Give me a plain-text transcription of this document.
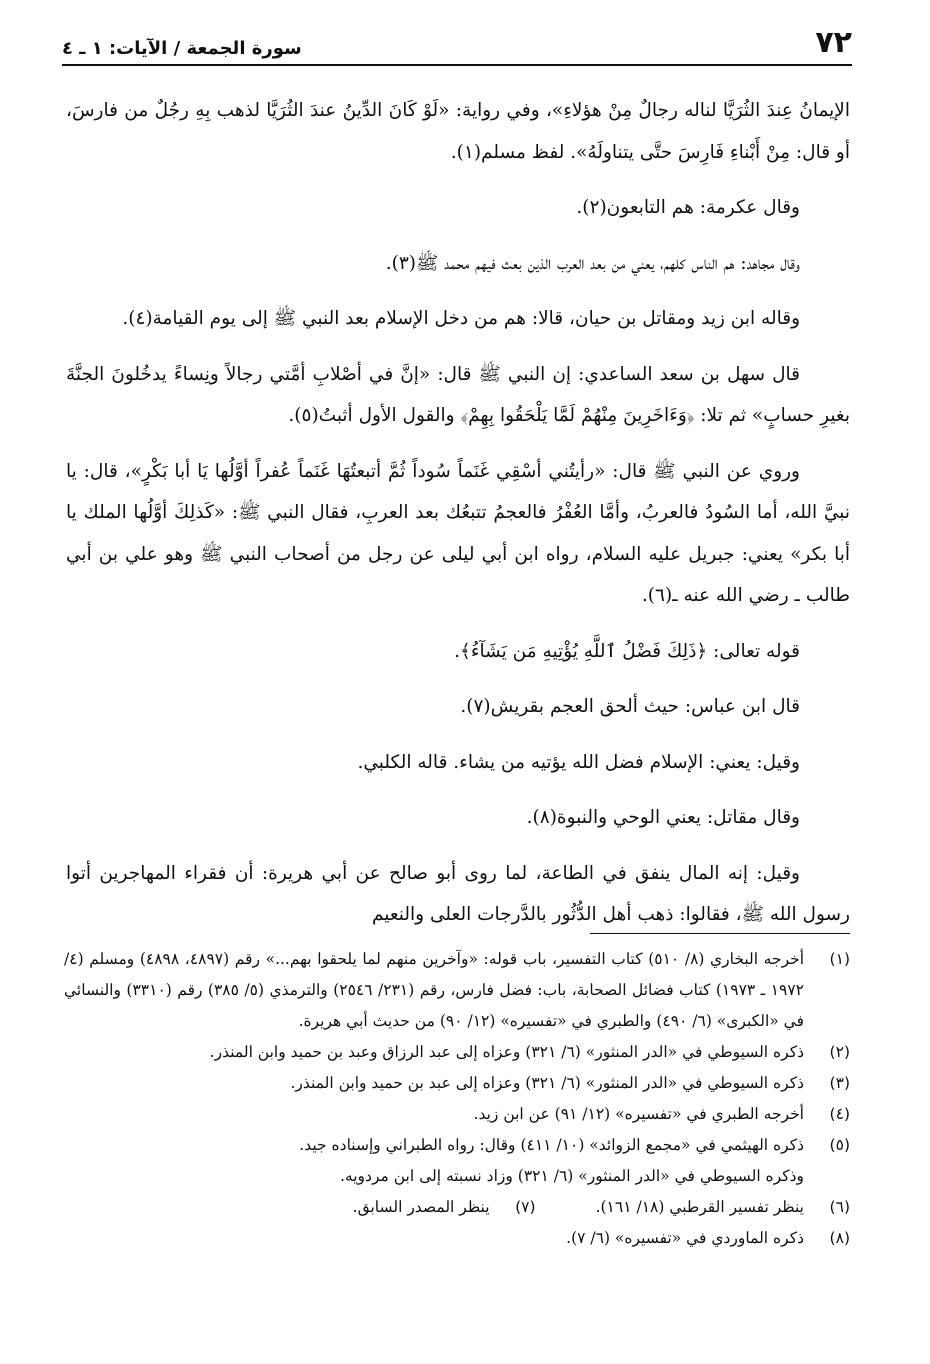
٧٢
سورة الجمعة / الآيات: ١ ـ ٤

الإيمانُ عِندَ الثُرَيَّا لناله رجالٌ مِنْ هؤلاءِ»، وفي رواية: «لَوْ كَانَ الدِّينُ عندَ الثُرَيَّا لذهب بِهِ رجُلٌ من فارسَ، أو قال: مِنْ أَبْناءِ فَارِسَ حتَّى يتناولَهُ». لفظ مسلم(١).

وقال عكرمة: هم التابعون(٢).

وقال مجاهد: هم الناس كلهم، يعني من بعد العرب الذين بعث فيهم محمد ﷺ(٣).

وقاله ابن زيد ومقاتل بن حيان، قالا: هم من دخل الإسلام بعد النبي ﷺ إلى يوم القيامة(٤).

قال سهل بن سعد الساعدي: إن النبي ﷺ قال: «إنَّ في أصْلابِ أمَّتي رجالاً ونِساءً يدخُلونَ الجنَّةَ بغيرِ حسابٍ» ثم تلا: ﴿وَءَاخَرِينَ مِنْهُمْ لَمَّا يَلْحَقُوا بِهِمْ﴾ والقول الأول أثبتُ(٥).

وروي عن النبي ﷺ قال: «رأيتُني أسْقِي غَنَماً سُوداً ثُمَّ أتبعتُهَا غَنَماً عُفراً أوَّلُها يَا أبا بَكْرٍ»، قال: يا نبيَّ الله، أما السُودُ فالعربُ، وأمَّا العُفْرُ فالعجمُ تتبعُك بعد العربِ، فقال النبي ﷺ: «كَذلِكَ أوَّلُها الملك يا أبا بكر» يعني: جبريل عليه السلام، رواه ابن أبي ليلى عن رجل من أصحاب النبي ﷺ وهو علي بن أبي طالب ـ رضي الله عنه ـ(٦).

قوله تعالى: ﴿ذَلِكَ فَضْلُ ٱللَّهِ يُؤْتِيهِ مَن يَشَآءُ﴾.

قال ابن عباس: حيث ألحق العجم بقريش(٧).

وقيل: يعني: الإسلام فضل الله يؤتيه من يشاء. قاله الكلبي.

وقال مقاتل: يعني الوحي والنبوة(٨).

وقيل: إنه المال ينفق في الطاعة، لما روى أبو صالح عن أبي هريرة: أن فقراء المهاجرين أتوا رسول الله ﷺ، فقالوا: ذهب أهل الدُّثُور بالدَّرجات العلى والنعيم

(١)
أخرجه البخاري (٨/ ٥١٠) كتاب التفسير، باب قوله: «وآخرين منهم لما يلحقوا بهم...» رقم (٤٨٩٧، ٤٨٩٨) ومسلم (٤/ ١٩٧٢ ـ ١٩٧٣) كتاب فضائل الصحابة، باب: فضل فارس، رقم (٢٣١/ ٢٥٤٦) والترمذي (٥/ ٣٨٥) رقم (٣٣١٠) والنسائي في «الكبرى» (٦/ ٤٩٠) والطبري في «تفسيره» (١٢/ ٩٠) من حديث أبي هريرة.
(٢)
ذكره السيوطي في «الدر المنثور» (٦/ ٣٢١) وعزاه إلى عبد الرزاق وعبد بن حميد وابن المنذر.
(٣)
ذكره السيوطي في «الدر المنثور» (٦/ ٣٢١) وعزاه إلى عبد بن حميد وابن المنذر.
(٤)
أخرجه الطبري في «تفسيره» (١٢/ ٩١) عن ابن زيد.
(٥)
ذكره الهيثمي في «مجمع الزوائد» (١٠/ ٤١١) وقال: رواه الطبراني وإسناده جيد.
وذكره السيوطي في «الدر المنثور» (٦/ ٣٢١) وزاد نسبته إلى ابن مردويه.
(٦)
ينظر تفسير القرطبي (١٨/ ١٦١).
(٧)
ينظر المصدر السابق.
(٨)
ذكره الماوردي في «تفسيره» (٦/ ٧).
